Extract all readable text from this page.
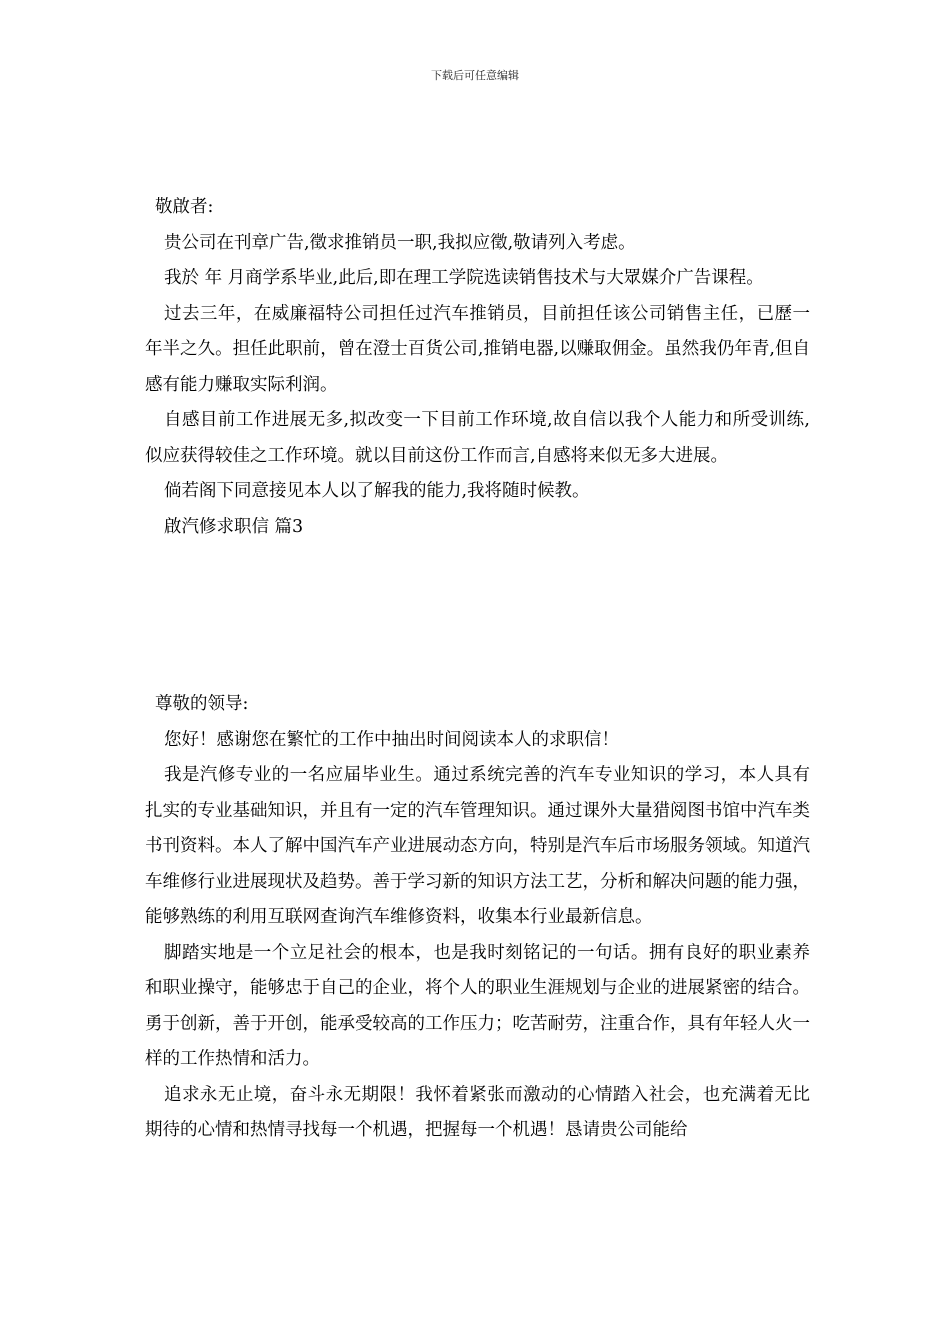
下载后可任意编辑
敬啟者:
贵公司在刊章广告,徵求推销员一职,我拟应徵,敬请列入考虑。
我於 年 月商学系毕业,此后,即在理工学院选读销售技术与大眾媒介广告课程。
过去三年，在威廉福特公司担任过汽车推销员，目前担任该公司销售主任，已歷一年半之久。担任此职前，曾在澄士百货公司,推销电器,以赚取佣金。虽然我仍年青,但自感有能力赚取实际利润。
自感目前工作进展无多,拟改变一下目前工作环境,故自信以我个人能力和所受训练,似应获得较佳之工作环境。就以目前这份工作而言,自感将来似无多大进展。
倘若阁下同意接见本人以了解我的能力,我将随时候教。
啟汽修求职信 篇3
尊敬的领导:
您好！感谢您在繁忙的工作中抽出时间阅读本人的求职信！
我是汽修专业的一名应届毕业生。通过系统完善的汽车专业知识的学习，本人具有扎实的专业基础知识，并且有一定的汽车管理知识。通过课外大量猎阅图书馆中汽车类书刊资料。本人了解中国汽车产业进展动态方向，特别是汽车后市场服务领域。知道汽车维修行业进展现状及趋势。善于学习新的知识方法工艺，分析和解决问题的能力强，能够熟练的利用互联网查询汽车维修资料，收集本行业最新信息。
脚踏实地是一个立足社会的根本，也是我时刻铭记的一句话。拥有良好的职业素养和职业操守，能够忠于自己的企业，将个人的职业生涯规划与企业的进展紧密的结合。勇于创新，善于开创，能承受较高的工作压力；吃苦耐劳，注重合作，具有年轻人火一样的工作热情和活力。
追求永无止境，奋斗永无期限！我怀着紧张而激动的心情踏入社会，也充满着无比期待的心情和热情寻找每一个机遇，把握每一个机遇！恳请贵公司能给
